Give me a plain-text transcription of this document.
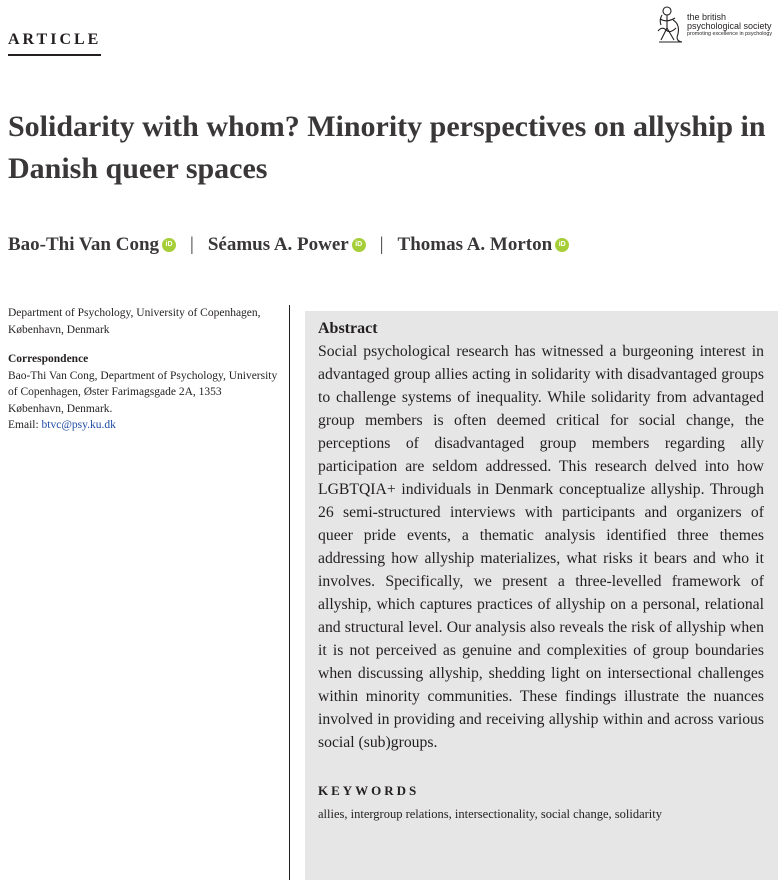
ARTICLE
the british
psychological society
promoting excellence in psychology
Solidarity with whom? Minority perspectives on allyship in Danish queer spaces
Bao-Thi Van Cong iD | Séamus A. Power iD | Thomas A. Morton iD

Department of Psychology, University of Copenhagen, København, Denmark

Correspondence

Bao-Thi Van Cong, Department of Psychology, University of Copenhagen, Øster Farimagsgade 2A, 1353 København, Denmark.

Email: btvc@psy.ku.dk

Abstract

Social psychological research has witnessed a burgeoning interest in advantaged group allies acting in solidarity with disadvantaged groups to challenge systems of inequality. While solidarity from advantaged group members is often deemed critical for social change, the perceptions of disadvantaged group members regarding ally participation are seldom addressed. This research delved into how LGBTQIA+ individuals in Denmark conceptualize allyship. Through 26 semi-structured interviews with participants and organizers of queer pride events, a thematic analysis identified three themes addressing how allyship materializes, what risks it bears and who it involves. Specifically, we present a three-levelled framework of allyship, which captures practices of allyship on a personal, relational and structural level. Our analysis also reveals the risk of allyship when it is not perceived as genuine and complexities of group boundaries when discussing allyship, shedding light on intersectional challenges within minority communities. These findings illustrate the nuances involved in providing and receiving allyship within and across various social (sub)groups.

KEYWORDS

allies, intergroup relations, intersectionality, social change, solidarity
